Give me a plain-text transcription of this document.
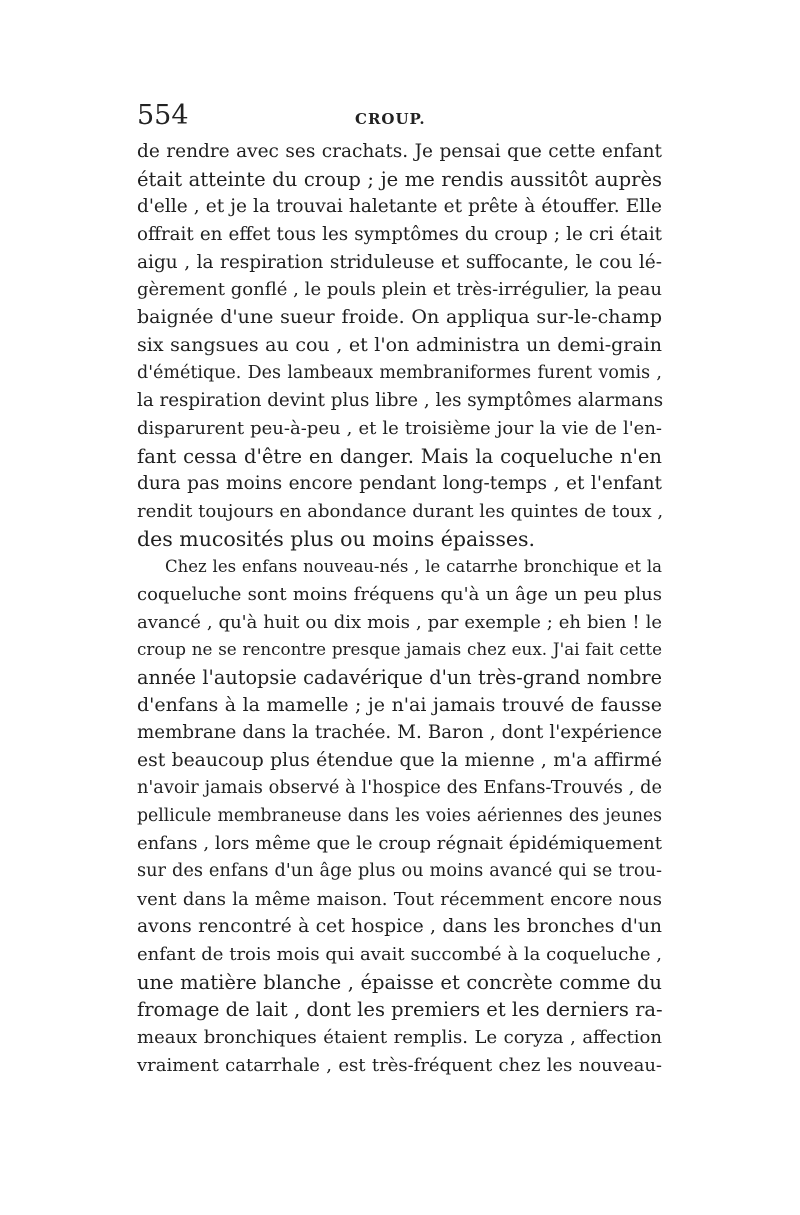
554	CROUP.
de rendre avec ses crachats. Je pensai que cette enfant
était atteinte du croup ; je me rendis aussitôt auprès
d'elle , et je la trouvai haletante et prête à étouffer. Elle
offrait en effet tous les symptômes du croup ; le cri était
aigu , la respiration striduleuse et suffocante, le cou lé-
gèrement gonflé , le pouls plein et très-irrégulier, la peau
baignée d'une sueur froide. On appliqua sur-le-champ
six sangsues au cou , et l'on administra un demi-grain
d'émétique. Des lambeaux membraniformes furent vomis ,
la respiration devint plus libre , les symptômes alarmans
disparurent peu-à-peu , et le troisième jour la vie de l'en-
fant cessa d'être en danger. Mais la coqueluche n'en
dura pas moins encore pendant long-temps , et l'enfant
rendit toujours en abondance durant les quintes de toux ,
des mucosités plus ou moins épaisses.
Chez les enfans nouveau-nés , le catarrhe bronchique et la
coqueluche sont moins fréquens qu'à un âge un peu plus
avancé , qu'à huit ou dix mois , par exemple ; eh bien ! le
croup ne se rencontre presque jamais chez eux. J'ai fait cette
année l'autopsie cadavérique d'un très-grand nombre
d'enfans à la mamelle ; je n'ai jamais trouvé de fausse
membrane dans la trachée. M. Baron , dont l'expérience
est beaucoup plus étendue que la mienne , m'a affirmé
n'avoir jamais observé à l'hospice des Enfans-Trouvés , de
pellicule membraneuse dans les voies aériennes des jeunes
enfans , lors même que le croup régnait épidémiquement
sur des enfans d'un âge plus ou moins avancé qui se trou-
vent dans la même maison. Tout récemment encore nous
avons rencontré à cet hospice , dans les bronches d'un
enfant de trois mois qui avait succombé à la coqueluche ,
une matière blanche , épaisse et concrète comme du
fromage de lait , dont les premiers et les derniers ra-
meaux bronchiques étaient remplis. Le coryza , affection
vraiment catarrhale , est très-fréquent chez les nouveau-
